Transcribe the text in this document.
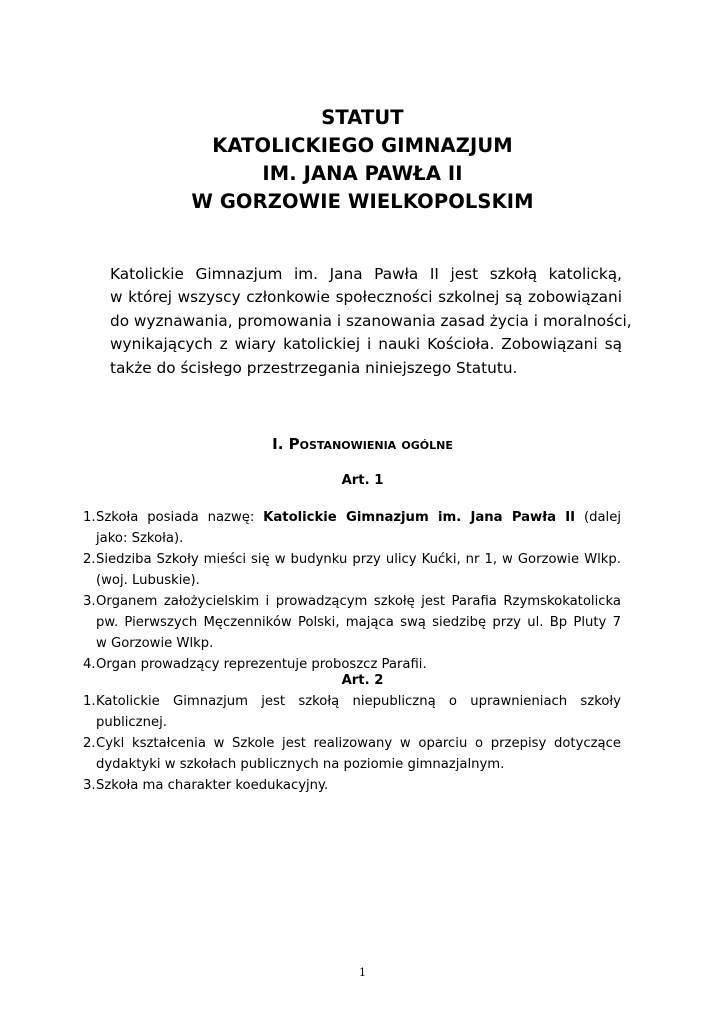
STATUT
KATOLICKIEGO GIMNAZJUM
IM. JANA PAWŁA II
W GORZOWIE WIELKOPOLSKIM
Katolickie Gimnazjum im. Jana Pawła II jest szkołą katolicką,
w której wszyscy członkowie społeczności szkolnej są zobowiązani
do wyznawania, promowania i szanowania zasad życia i moralności,
wynikających z wiary katolickiej i nauki Kościoła. Zobowiązani są
także do ścisłego przestrzegania niniejszego Statutu.
I. Postanowienia ogólne
Art. 1
1. Szkoła posiada nazwę: Katolickie Gimnazjum im. Jana Pawła II (dalej
jako: Szkoła).
2. Siedziba Szkoły mieści się w budynku przy ulicy Kućki, nr 1, w Gorzowie Wlkp.
(woj. Lubuskie).
3. Organem założycielskim i prowadzącym szkołę jest Parafia Rzymskokatolicka
pw. Pierwszych Męczenników Polski, mająca swą siedzibę przy ul. Bp Pluty 7
w Gorzowie Wlkp.
4. Organ prowadzący reprezentuje proboszcz Parafii.
Art. 2
1. Katolickie Gimnazjum jest szkołą niepubliczną o uprawnieniach szkoły
publicznej.
2. Cykl kształcenia w Szkole jest realizowany w oparciu o przepisy dotyczące
dydaktyki w szkołach publicznych na poziomie gimnazjalnym.
3. Szkoła ma charakter koedukacyjny.
1
